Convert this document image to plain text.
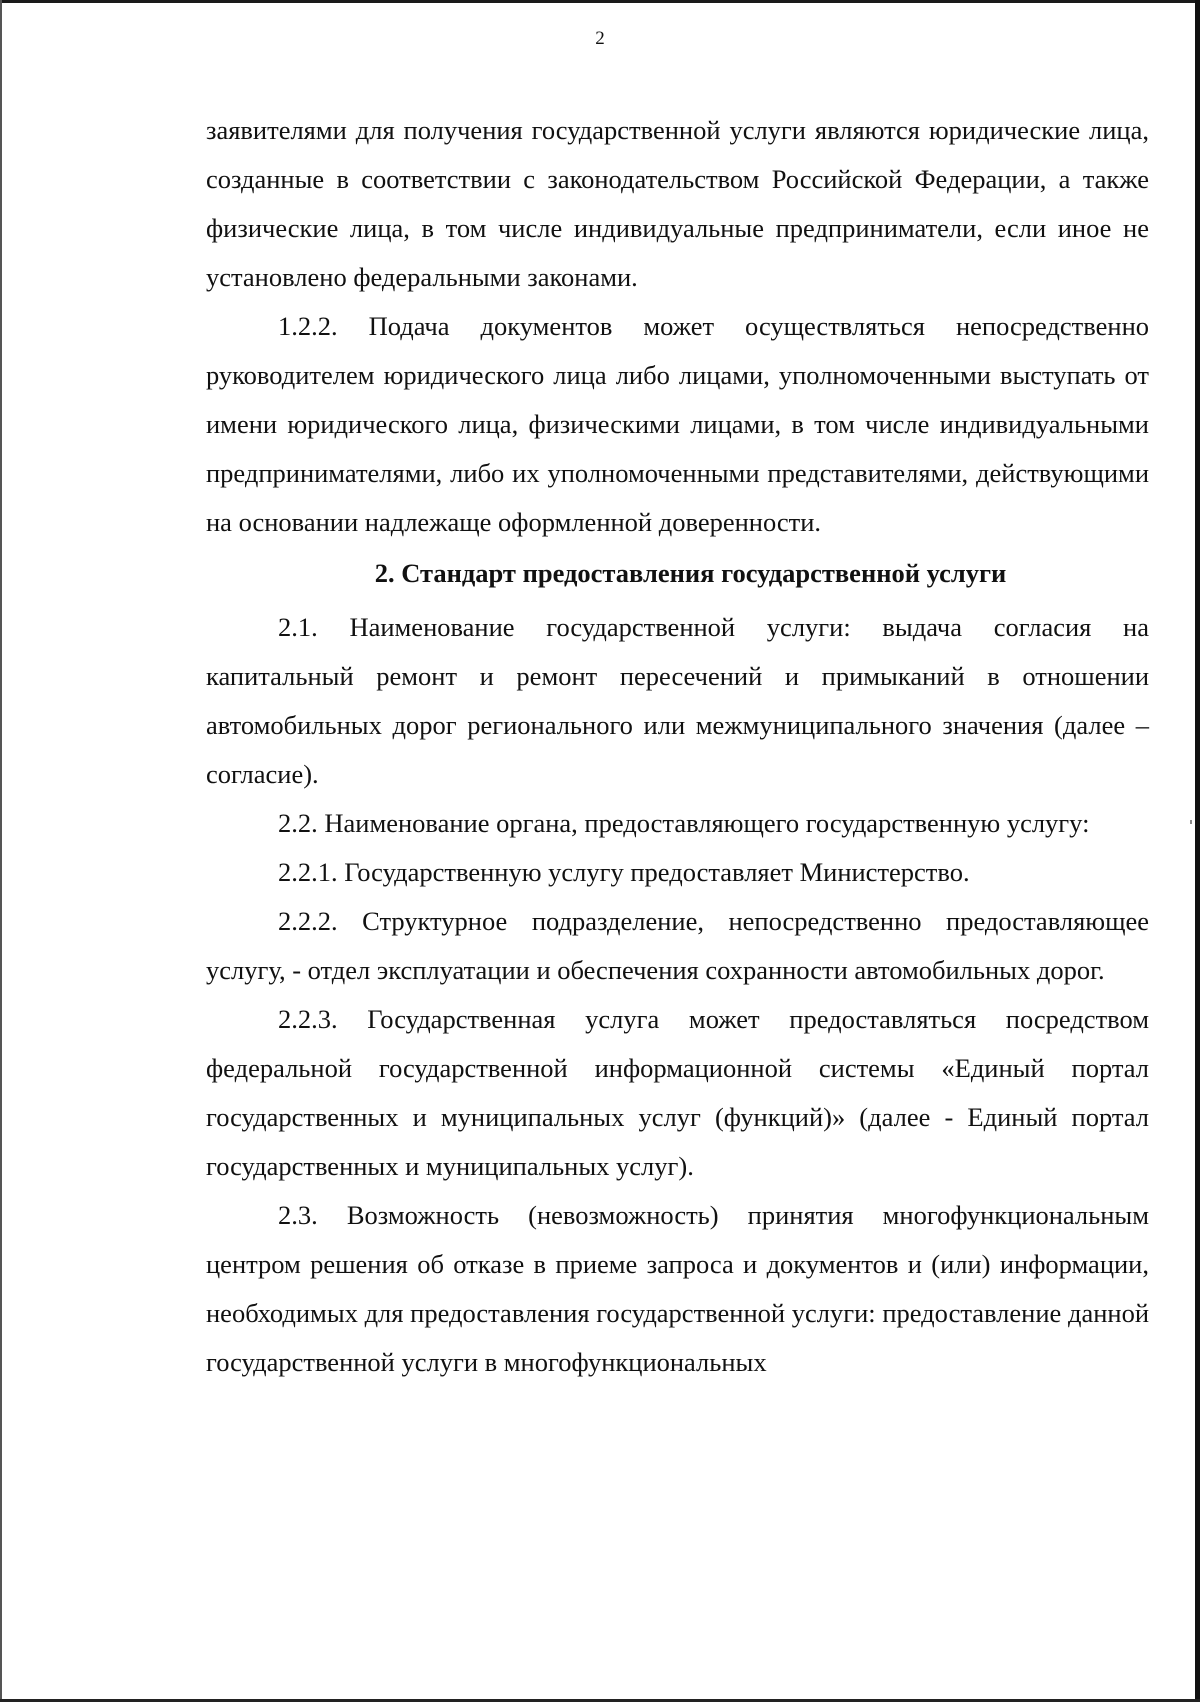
2

заявителями для получения государственной услуги являются юридические лица, созданные в соответствии с законодательством Российской Федерации, а также физические лица, в том числе индивидуальные предприниматели, если иное не установлено федеральными законами.

1.2.2. Подача документов может осуществляться непосредственно руководителем юридического лица либо лицами, уполномоченными выступать от имени юридического лица, физическими лицами, в том числе индивидуальными предпринимателями, либо их уполномоченными представителями, действующими на основании надлежаще оформленной доверенности.

2. Стандарт предоставления государственной услуги

2.1. Наименование государственной услуги: выдача согласия на капитальный ремонт и ремонт пересечений и примыканий в отношении автомобильных дорог регионального или межмуниципального значения (далее –согласие).

2.2. Наименование органа, предоставляющего государственную услугу:

2.2.1. Государственную услугу предоставляет Министерство.

2.2.2. Структурное подразделение, непосредственно предоставляющее услугу, - отдел эксплуатации и обеспечения сохранности автомобильных дорог.

2.2.3. Государственная услуга может предоставляться посредством федеральной государственной информационной системы «Единый портал государственных и муниципальных услуг (функций)» (далее - Единый портал государственных и муниципальных услуг).

2.3. Возможность (невозможность) принятия многофункциональным центром решения об отказе в приеме запроса и документов и (или) информации, необходимых для предоставления государственной услуги: предоставление данной государственной услуги в многофункциональных
